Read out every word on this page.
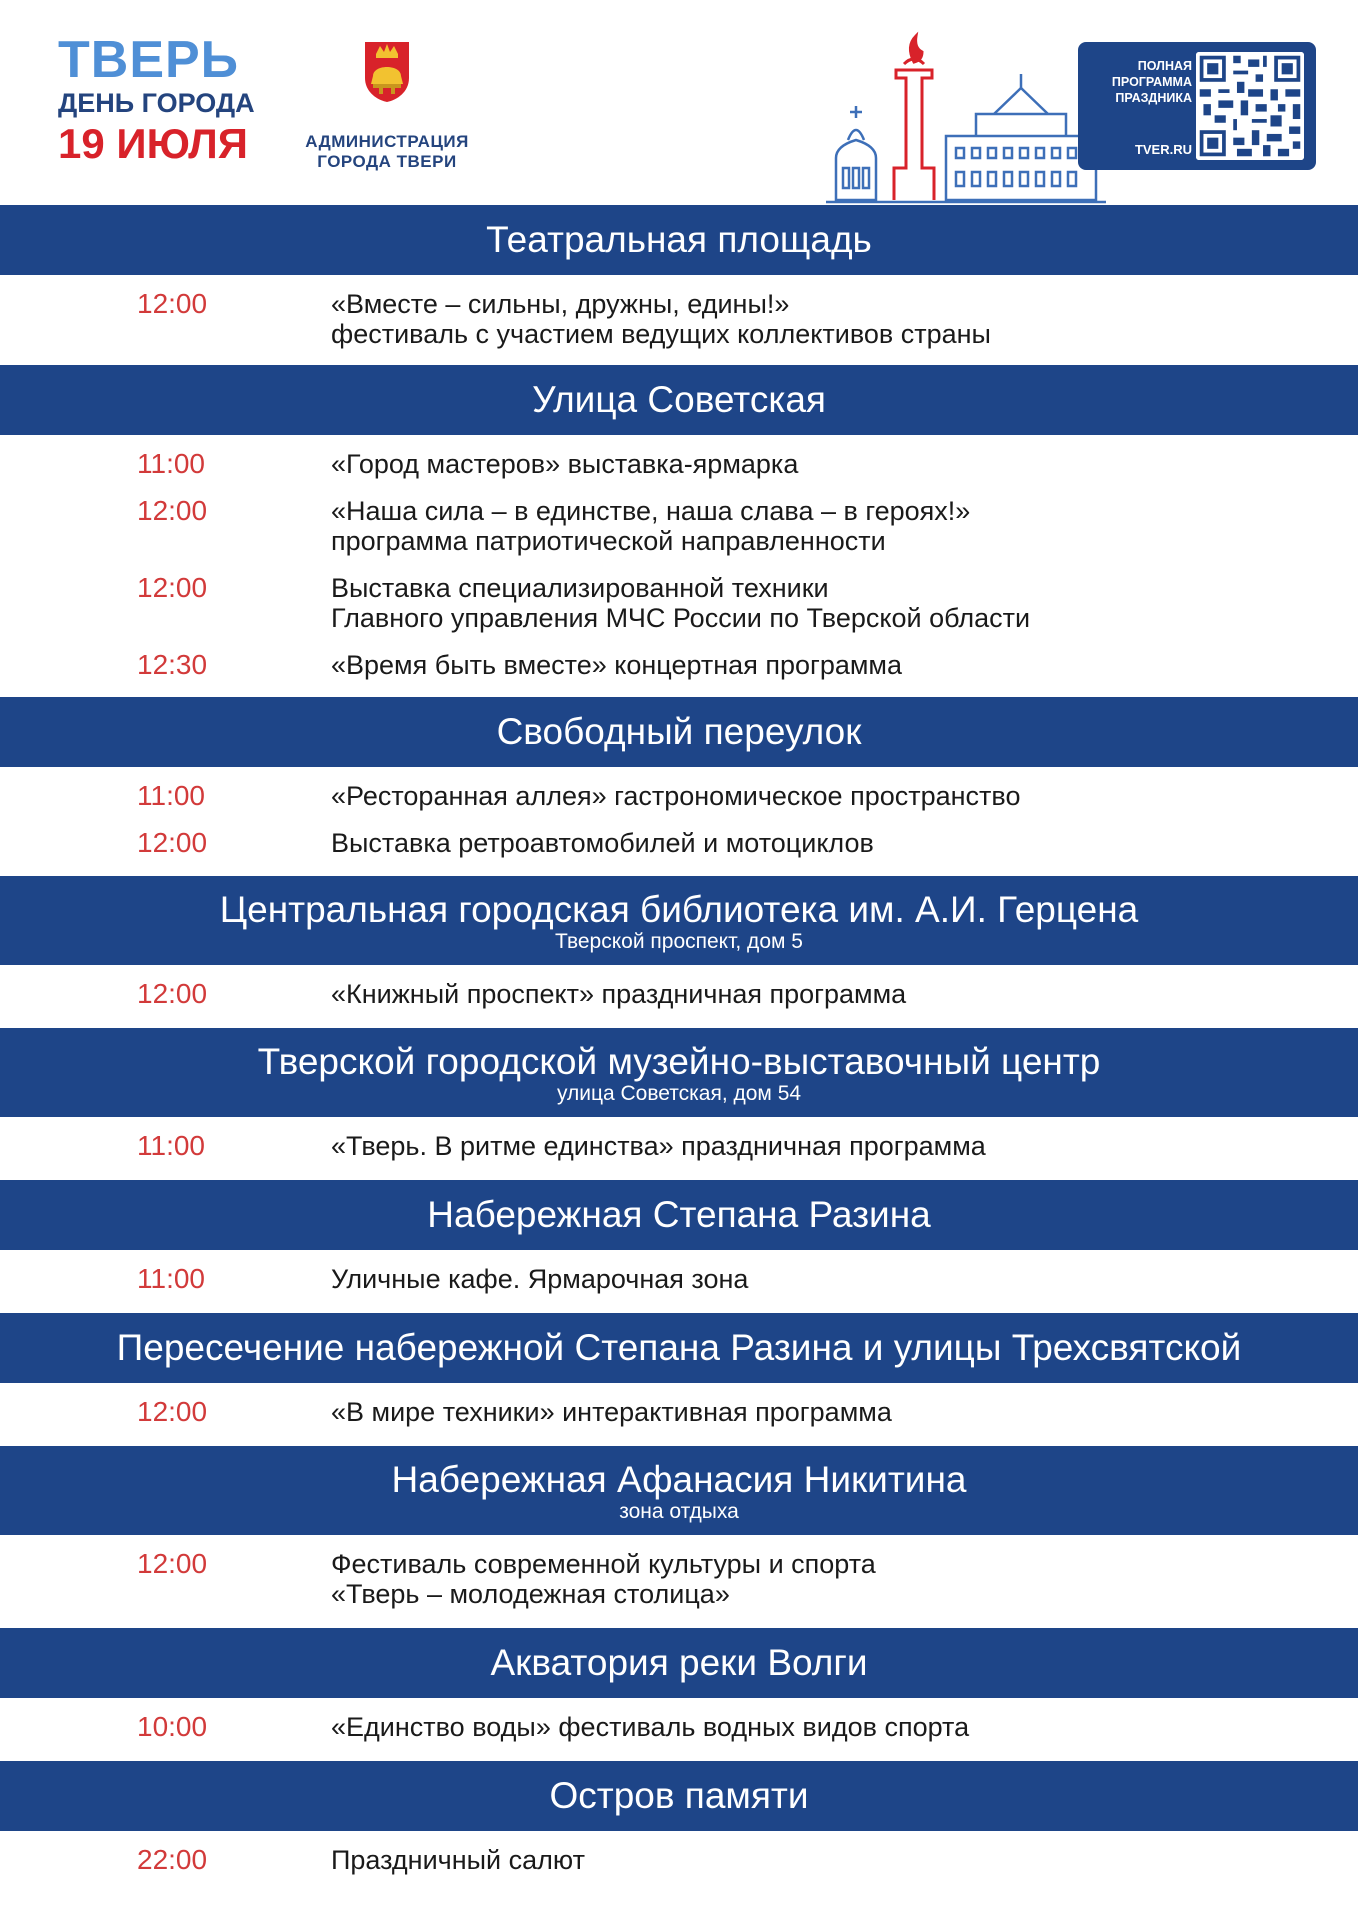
ТВЕРЬ
ДЕНЬ ГОРОДА
19 ИЮЛЯ	АДМИНИСТРАЦИЯ
ГОРОДА ТВЕРИ
ПОЛНАЯ
ПРОГРАММА
ПРАЗДНИКА
TVER.RU
Театральная площадь
12:00	«Вместе – сильны, дружны, едины!»
фестиваль с участием ведущих коллективов страны
Улица Советская
11:00	«Город мастеров» выставка-ярмарка
12:00	«Наша сила – в единстве, наша слава – в героях!»
программа патриотической направленности
12:00	Выставка специализированной техники
Главного управления МЧС России по Тверской области
12:30	«Время быть вместе» концертная программа
Свободный переулок
11:00	«Ресторанная аллея» гастрономическое пространство
12:00	Выставка ретроавтомобилей и мотоциклов
Центральная городская библиотека им. А.И. Герцена
Тверской проспект, дом 5
12:00	«Книжный проспект» праздничная программа
Тверской городской музейно-выставочный центр
улица Советская, дом 54
11:00	«Тверь. В ритме единства» праздничная программа
Набережная Степана Разина
11:00	Уличные кафе. Ярмарочная зона
Пересечение набережной Степана Разина и улицы Трехсвятской
12:00	«В мире техники» интерактивная программа
Набережная Афанасия Никитина
зона отдыха
12:00	Фестиваль современной культуры и спорта
«Тверь – молодежная столица»
Акватория реки Волги
10:00	«Единство воды» фестиваль водных видов спорта
Остров памяти
22:00	Праздничный салют
